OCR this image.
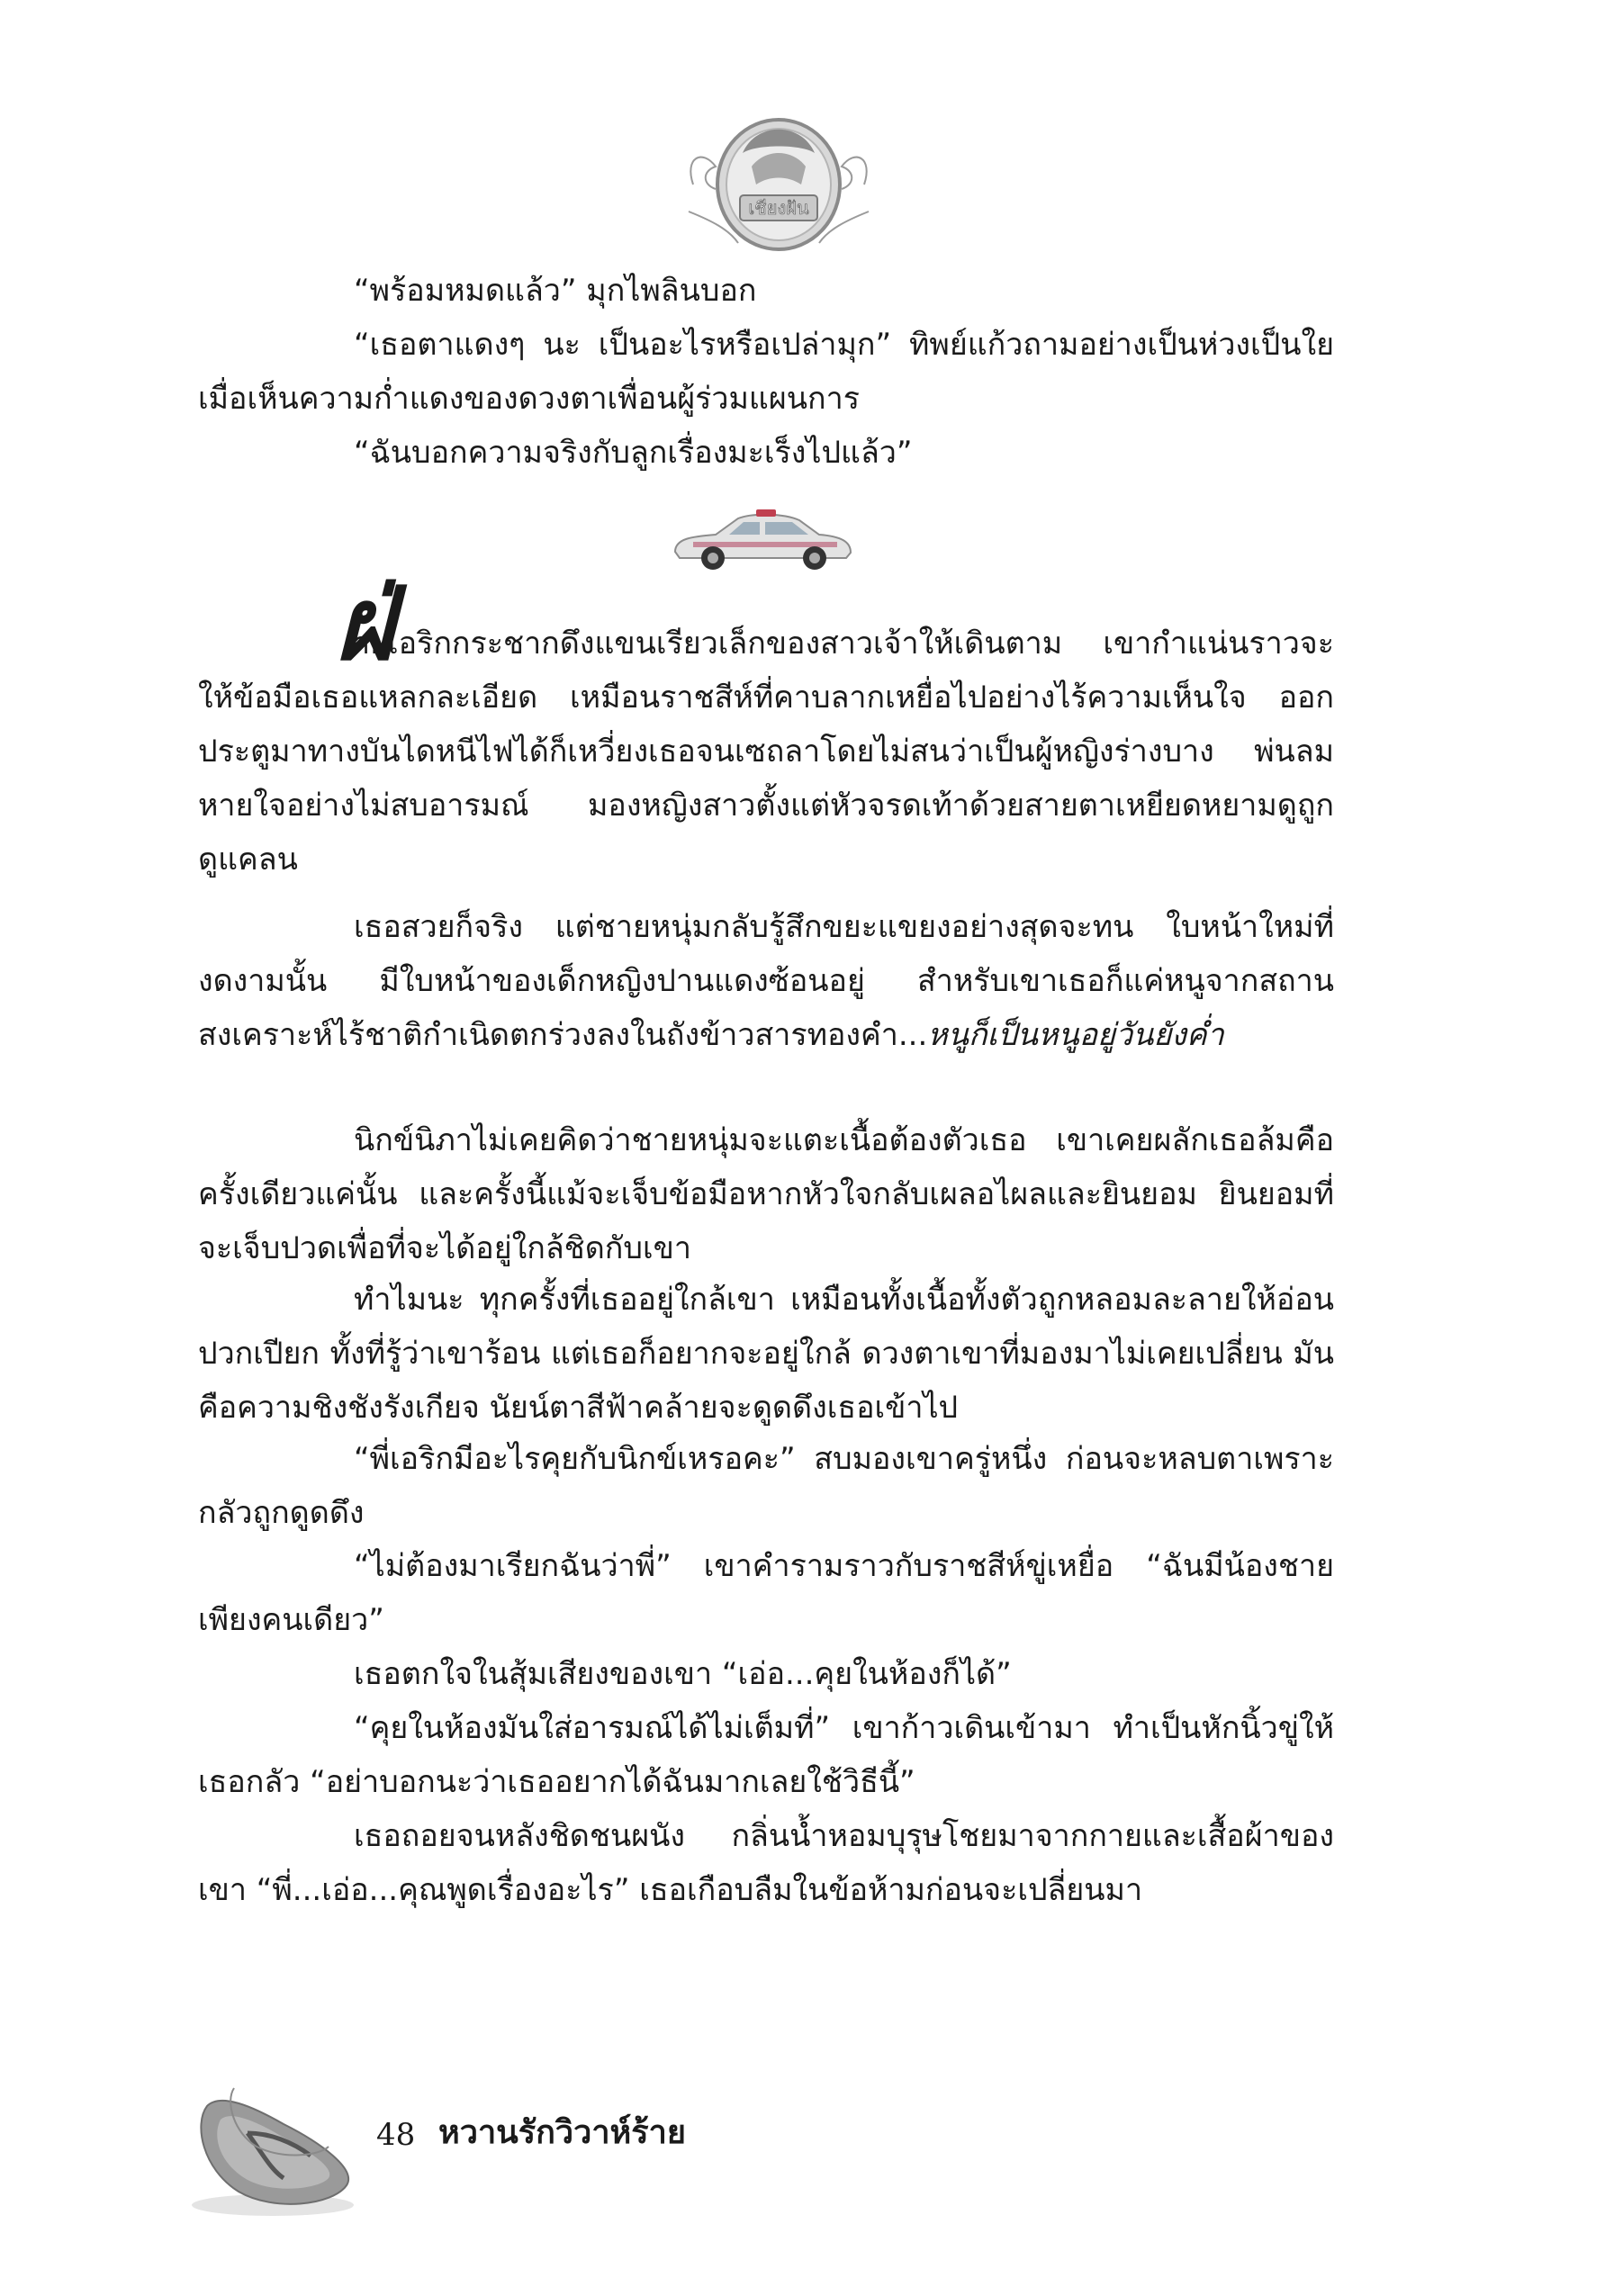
เชียงฝัน

“พร้อมหมดแล้ว” มุกไพลินบอก

“เธอตาแดงๆ นะ เป็นอะไรหรือเปล่ามุก” ทิพย์แก้วถามอย่างเป็นห่วงเป็นใย เมื่อเห็นความก่ำแดงของดวงตาเพื่อนผู้ร่วมแผนการ

“ฉันบอกความจริงกับลูกเรื่องมะเร็งไปแล้ว”

ฝ่

ายเอริกกระชากดึงแขนเรียวเล็กของสาวเจ้าให้เดินตาม เขากำแน่นราวจะให้ข้อมือเธอแหลกละเอียด เหมือนราชสีห์ที่คาบลากเหยื่อไปอย่างไร้ความเห็นใจ ออกประตูมาทางบันไดหนีไฟได้ก็เหวี่ยงเธอจนเซถลาโดยไม่สนว่าเป็นผู้หญิงร่างบาง พ่นลมหายใจอย่างไม่สบอารมณ์ มองหญิงสาวตั้งแต่หัวจรดเท้าด้วยสายตาเหยียดหยามดูถูกดูแคลน

เธอสวยก็จริง แต่ชายหนุ่มกลับรู้สึกขยะแขยงอย่างสุดจะทน ใบหน้าใหม่ที่งดงามนั้น มีใบหน้าของเด็กหญิงปานแดงซ้อนอยู่ สำหรับเขาเธอก็แค่หนูจากสถานสงเคราะห์ไร้ชาติกำเนิดตกร่วงลงในถังข้าวสารทองคำ...หนูก็เป็นหนูอยู่วันยังค่ำ

นิกข์นิภาไม่เคยคิดว่าชายหนุ่มจะแตะเนื้อต้องตัวเธอ เขาเคยผลักเธอล้มคือครั้งเดียวแค่นั้น และครั้งนี้แม้จะเจ็บข้อมือหากหัวใจกลับเผลอไผลและยินยอม ยินยอมที่จะเจ็บปวดเพื่อที่จะได้อยู่ใกล้ชิดกับเขา

ทำไมนะ ทุกครั้งที่เธออยู่ใกล้เขา เหมือนทั้งเนื้อทั้งตัวถูกหลอมละลายให้อ่อนปวกเปียก ทั้งที่รู้ว่าเขาร้อน แต่เธอก็อยากจะอยู่ใกล้ ดวงตาเขาที่มองมาไม่เคยเปลี่ยน มันคือความชิงชังรังเกียจ นัยน์ตาสีฟ้าคล้ายจะดูดดึงเธอเข้าไป

“พี่เอริกมีอะไรคุยกับนิกข์เหรอคะ” สบมองเขาครู่หนึ่ง ก่อนจะหลบตาเพราะกลัวถูกดูดดึง

“ไม่ต้องมาเรียกฉันว่าพี่” เขาคำรามราวกับราชสีห์ขู่เหยื่อ “ฉันมีน้องชายเพียงคนเดียว”

เธอตกใจในสุ้มเสียงของเขา “เอ่อ...คุยในห้องก็ได้”

“คุยในห้องมันใส่อารมณ์ได้ไม่เต็มที่” เขาก้าวเดินเข้ามา ทำเป็นหักนิ้วขู่ให้เธอกลัว “อย่าบอกนะว่าเธออยากได้ฉันมากเลยใช้วิธีนี้”

เธอถอยจนหลังชิดชนผนัง กลิ่นน้ำหอมบุรุษโชยมาจากกายและเสื้อผ้าของเขา “พี่...เอ่อ...คุณพูดเรื่องอะไร” เธอเกือบลืมในข้อห้ามก่อนจะเปลี่ยนมา

48 หวานรักวิวาห์ร้าย
